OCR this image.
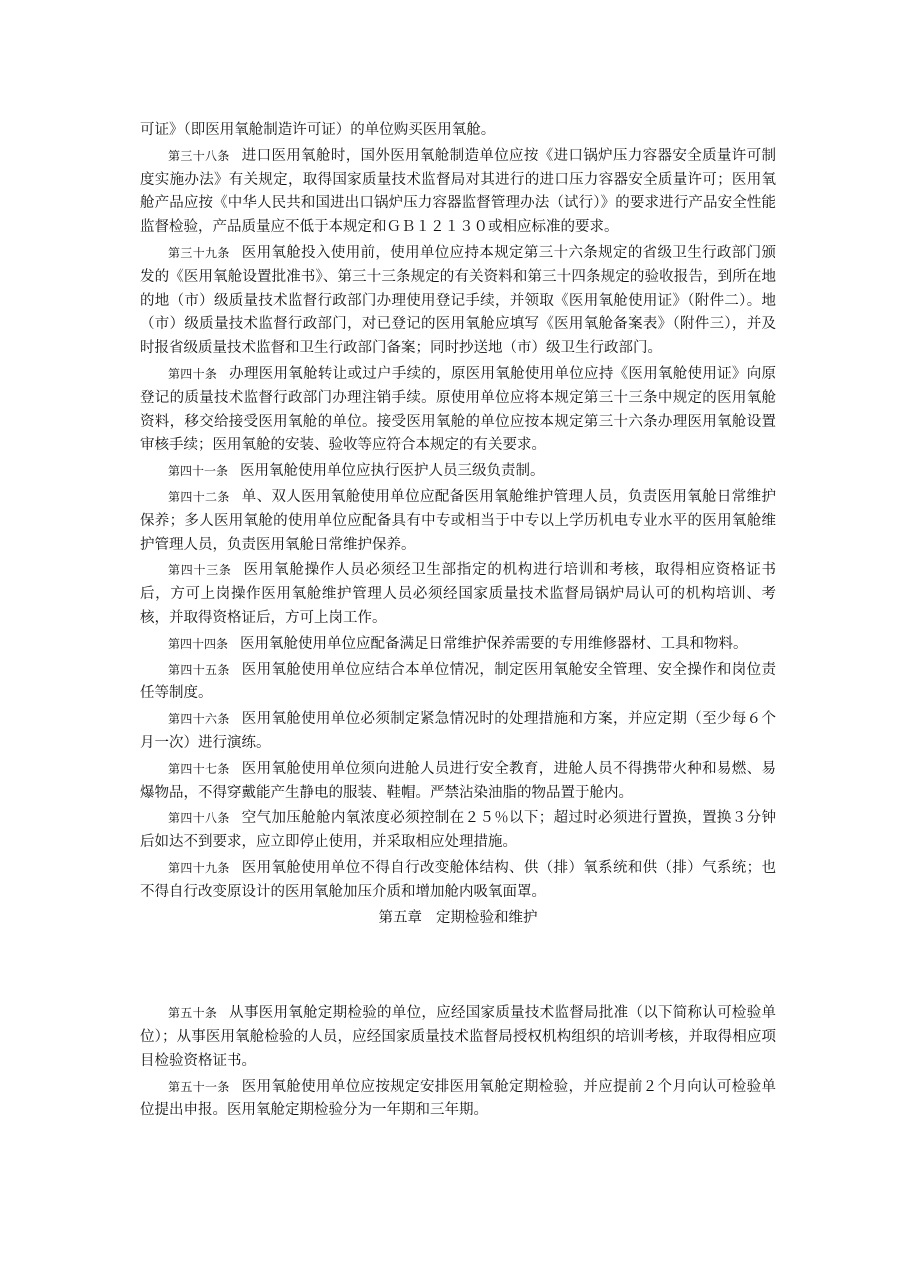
可证》（即医用氧舱制造许可证）的单位购买医用氧舱。

第三十八条 进口医用氧舱时，国外医用氧舱制造单位应按《进口锅炉压力容器安全质量许可制度实施办法》有关规定，取得国家质量技术监督局对其进行的进口压力容器安全质量许可；医用氧舱产品应按《中华人民共和国进出口锅炉压力容器监督管理办法（试行）》的要求进行产品安全性能监督检验，产品质量应不低于本规定和ＧＢ１２１３０或相应标准的要求。

第三十九条 医用氧舱投入使用前，使用单位应持本规定第三十六条规定的省级卫生行政部门颁发的《医用氧舱设置批准书》、第三十三条规定的有关资料和第三十四条规定的验收报告，到所在地的地（市）级质量技术监督行政部门办理使用登记手续，并领取《医用氧舱使用证》（附件二）。地（市）级质量技术监督行政部门，对已登记的医用氧舱应填写《医用氧舱备案表》（附件三），并及时报省级质量技术监督和卫生行政部门备案；同时抄送地（市）级卫生行政部门。

第四十条 办理医用氧舱转让或过户手续的，原医用氧舱使用单位应持《医用氧舱使用证》向原登记的质量技术监督行政部门办理注销手续。原使用单位应将本规定第三十三条中规定的医用氧舱资料，移交给接受医用氧舱的单位。接受医用氧舱的单位应按本规定第三十六条办理医用氧舱设置审核手续；医用氧舱的安装、验收等应符合本规定的有关要求。

第四十一条 医用氧舱使用单位应执行医护人员三级负责制。

第四十二条 单、双人医用氧舱使用单位应配备医用氧舱维护管理人员，负责医用氧舱日常维护保养；多人医用氧舱的使用单位应配备具有中专或相当于中专以上学历机电专业水平的医用氧舱维护管理人员，负责医用氧舱日常维护保养。

第四十三条 医用氧舱操作人员必须经卫生部指定的机构进行培训和考核，取得相应资格证书后，方可上岗操作医用氧舱维护管理人员必须经国家质量技术监督局锅炉局认可的机构培训、考核，并取得资格证后，方可上岗工作。

第四十四条 医用氧舱使用单位应配备满足日常维护保养需要的专用维修器材、工具和物料。

第四十五条 医用氧舱使用单位应结合本单位情况，制定医用氧舱安全管理、安全操作和岗位责任等制度。

第四十六条 医用氧舱使用单位必须制定紧急情况时的处理措施和方案，并应定期（至少每６个月一次）进行演练。

第四十七条 医用氧舱使用单位须向进舱人员进行安全教育，进舱人员不得携带火种和易燃、易爆物品，不得穿戴能产生静电的服装、鞋帽。严禁沾染油脂的物品置于舱内。

第四十八条 空气加压舱舱内氧浓度必须控制在２５％以下；超过时必须进行置换，置换３分钟后如达不到要求，应立即停止使用，并采取相应处理措施。

第四十九条 医用氧舱使用单位不得自行改变舱体结构、供（排）氧系统和供（排）气系统；也不得自行改变原设计的医用氧舱加压介质和增加舱内吸氧面罩。

第五章 定期检验和维护

第五十条 从事医用氧舱定期检验的单位，应经国家质量技术监督局批准（以下简称认可检验单位）；从事医用氧舱检验的人员，应经国家质量技术监督局授权机构组织的培训考核，并取得相应项目检验资格证书。

第五十一条 医用氧舱使用单位应按规定安排医用氧舱定期检验，并应提前２个月向认可检验单位提出申报。医用氧舱定期检验分为一年期和三年期。
